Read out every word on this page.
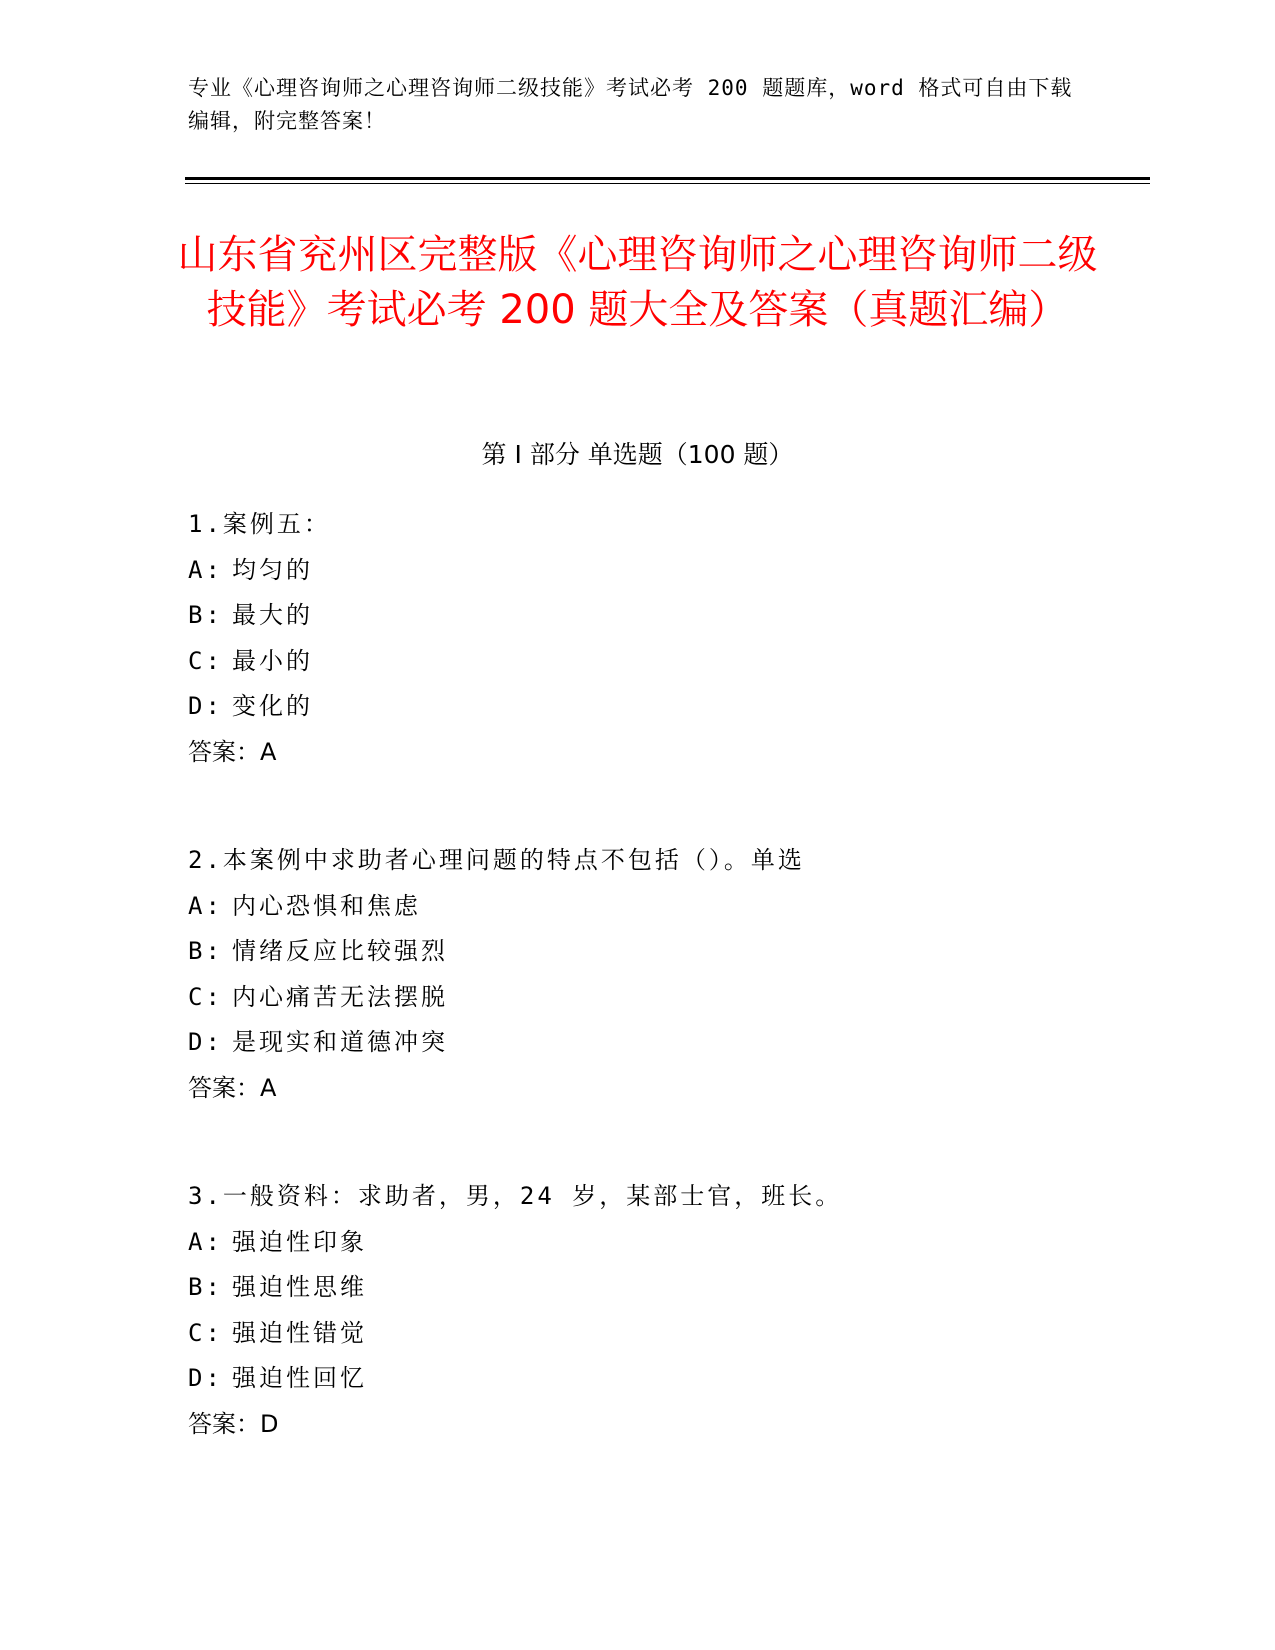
专业《心理咨询师之心理咨询师二级技能》考试必考 200 题题库，word 格式可自由下载编辑，附完整答案！
山东省兖州区完整版《心理咨询师之心理咨询师二级技能》考试必考 200 题大全及答案（真题汇编）
第 I 部分 单选题（100 题）
1.案例五：
A: 均匀的
B: 最大的
C: 最小的
D: 变化的
答案：A
2.本案例中求助者心理问题的特点不包括（）。单选
A: 内心恐惧和焦虑
B: 情绪反应比较强烈
C: 内心痛苦无法摆脱
D: 是现实和道德冲突
答案：A
3.一般资料：求助者，男，24 岁，某部士官，班长。
A: 强迫性印象
B: 强迫性思维
C: 强迫性错觉
D: 强迫性回忆
答案：D
